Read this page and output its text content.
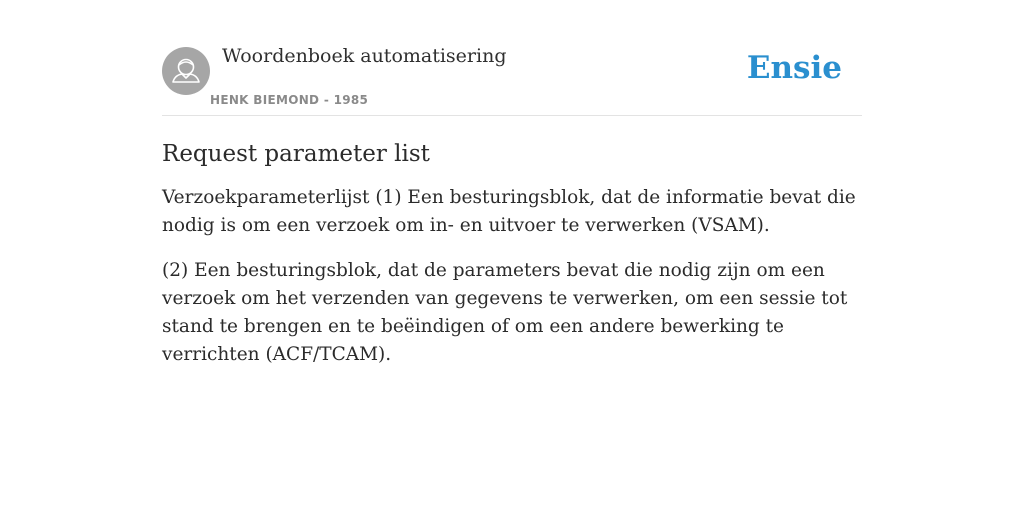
Woordenboek automatisering
HENK BIEMOND - 1985
Ensie
Request parameter list

Verzoekparameterlijst (1) Een besturingsblok, dat de informatie bevat die nodig is om een verzoek om in- en uitvoer te verwerken (VSAM).

(2) Een besturingsblok, dat de parameters bevat die nodig zijn om een verzoek om het verzenden van gegevens te verwerken, om een sessie tot stand te brengen en te beëindigen of om een andere bewerking te verrichten (ACF/TCAM).
